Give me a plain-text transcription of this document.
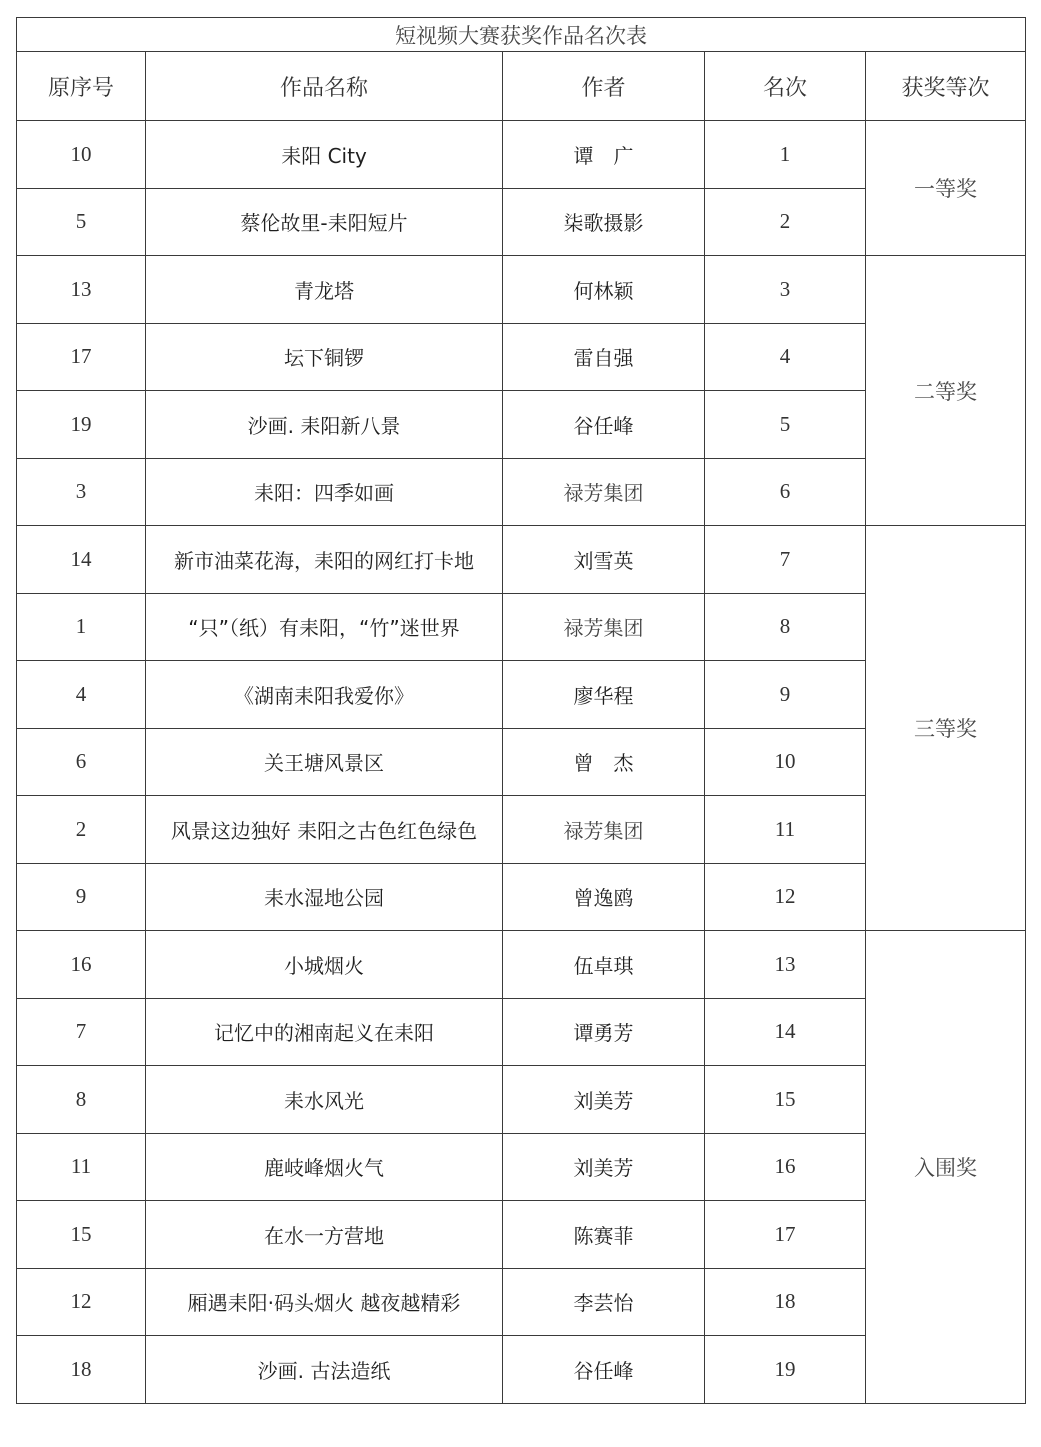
短视频大赛获奖作品名次表				
原序号	作品名称	作者	名次	获奖等次
10	耒阳 City	谭　广	1	一等奖
5	蔡伦故里-耒阳短片	柒歌摄影	2	
13	青龙塔	何林颖	3	二等奖
17	坛下铜锣	雷自强	4	
19	沙画. 耒阳新八景	谷任峰	5	
3	耒阳：四季如画	禄芳集团	6	
14	新市油菜花海，耒阳的网红打卡地	刘雪英	7	三等奖
1	“只”（纸）有耒阳，“竹”迷世界	禄芳集团	8	
4	《湖南耒阳我爱你》	廖华程	9	
6	关王塘风景区	曾　杰	10	
2	风景这边独好 耒阳之古色红色绿色	禄芳集团	11	
9	耒水湿地公园	曾逸鸥	12	
16	小城烟火	伍卓琪	13	入围奖
7	记忆中的湘南起义在耒阳	谭勇芳	14	
8	耒水风光	刘美芳	15	
11	鹿岐峰烟火气	刘美芳	16	
15	在水一方营地	陈赛菲	17	
12	厢遇耒阳·码头烟火 越夜越精彩	李芸怡	18	
18	沙画. 古法造纸	谷任峰	19	
